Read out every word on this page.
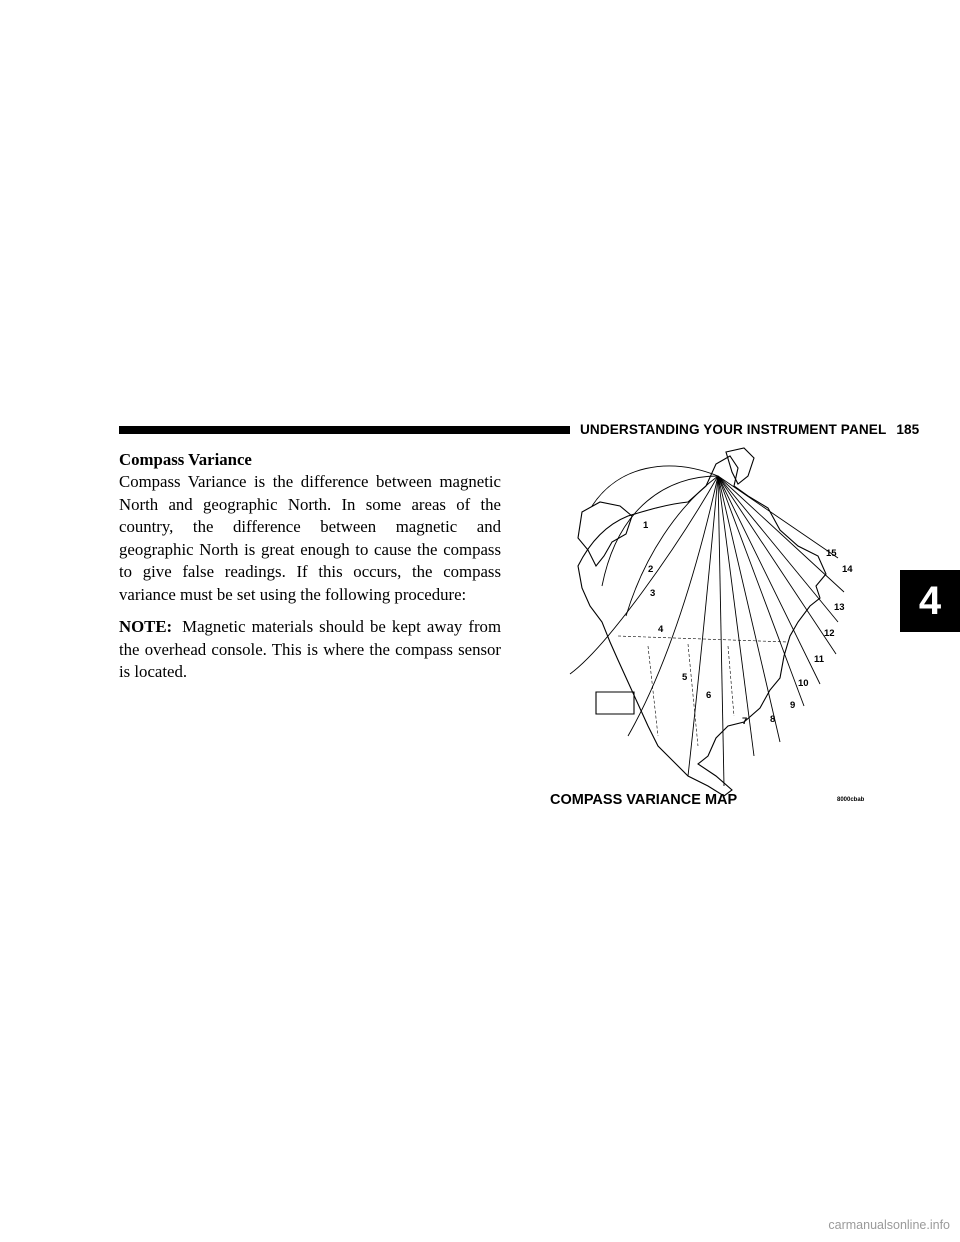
UNDERSTANDING YOUR INSTRUMENT PANEL 185
4

Compass Variance

Compass Variance is the difference between magnetic North and geographic North. In some areas of the country, the difference between magnetic and geographic North is great enough to cause the compass to give false readings. If this occurs, the compass variance must be set using the following procedure:

NOTE: Magnetic materials should be kept away from the overhead console. This is where the compass sensor is located.

1
2
3
4
5
6
7 8
9
10
11
12
13
14
15
COMPASS VARIANCE MAP	8000cbab
carmanualsonline.info
